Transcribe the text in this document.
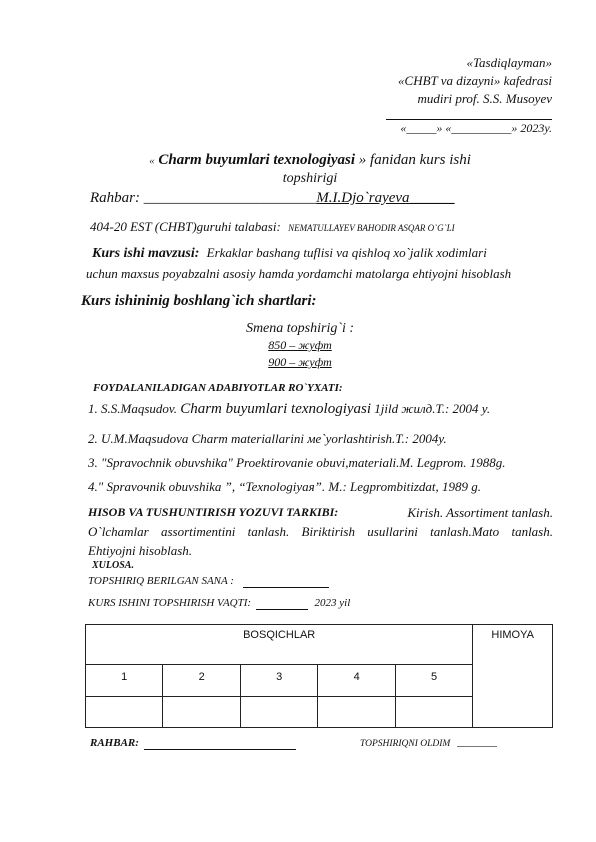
«Tasdiqlayman»
«CHBT va dizayni» kafedrasi
mudiri prof. S.S. Musoyev
«_____» «__________» 2023y.
« Charm buyumlari texnologiyasi » fanidan kurs ishi
topshirigi
Rahbar: _______________________M.I.Djo`rayeva______
404-20 EST (CHBT)guruhi talabasi: NEMATULLAYEV BAHODIR ASQAR O`G`LI
Kurs ishi mavzusi: Erkaklar bashang tuflisi va qishloq xo`jalik xodimlari
uchun maxsus poyabzalni asosiy hamda yordamchi matolarga ehtiyojni hisoblash
Kurs ishininig boshlang`ich shartlari:
Smena topshirig`i :
850 – жуфт
900 – жуфт
FOYDALANILADIGAN ADABIYOTLAR RO`YXATI:
1. S.S.Maqsudov. Charm buyumlari texnologiyasi 1jild жилд.T.: 2004 y.
2. U.M.Maqsudova Charm materiallarini ме`yorlashtirish.T.: 2004y.
3. "Spravochnik obuvshika" Proektirovanie obuvi,materiali.M. Legprom. 1988g.
4." Spravoчnik obuvshika ”, “Texnologiyaя”. M.: Legprombitizdat, 1989 g.
HISOB VA TUSHUNTIRISH YOZUVI TARKIBI:	Kirish. Assortiment tanlash.
O`lchamlar assortimentini tanlash. Biriktirish usullarini tanlash.Mato tanlash.
Ehtiyojni hisoblash.
XULOSA.
TOPSHIRIQ BERILGAN SANA :
KURS ISHINI TOPSHIRISH VAQTI:	2023 yil
BOSQICHLAR					HIMOYA
1	2	3	4	5	

RAHBAR:	TOPSHIRIQNI OLDIM
